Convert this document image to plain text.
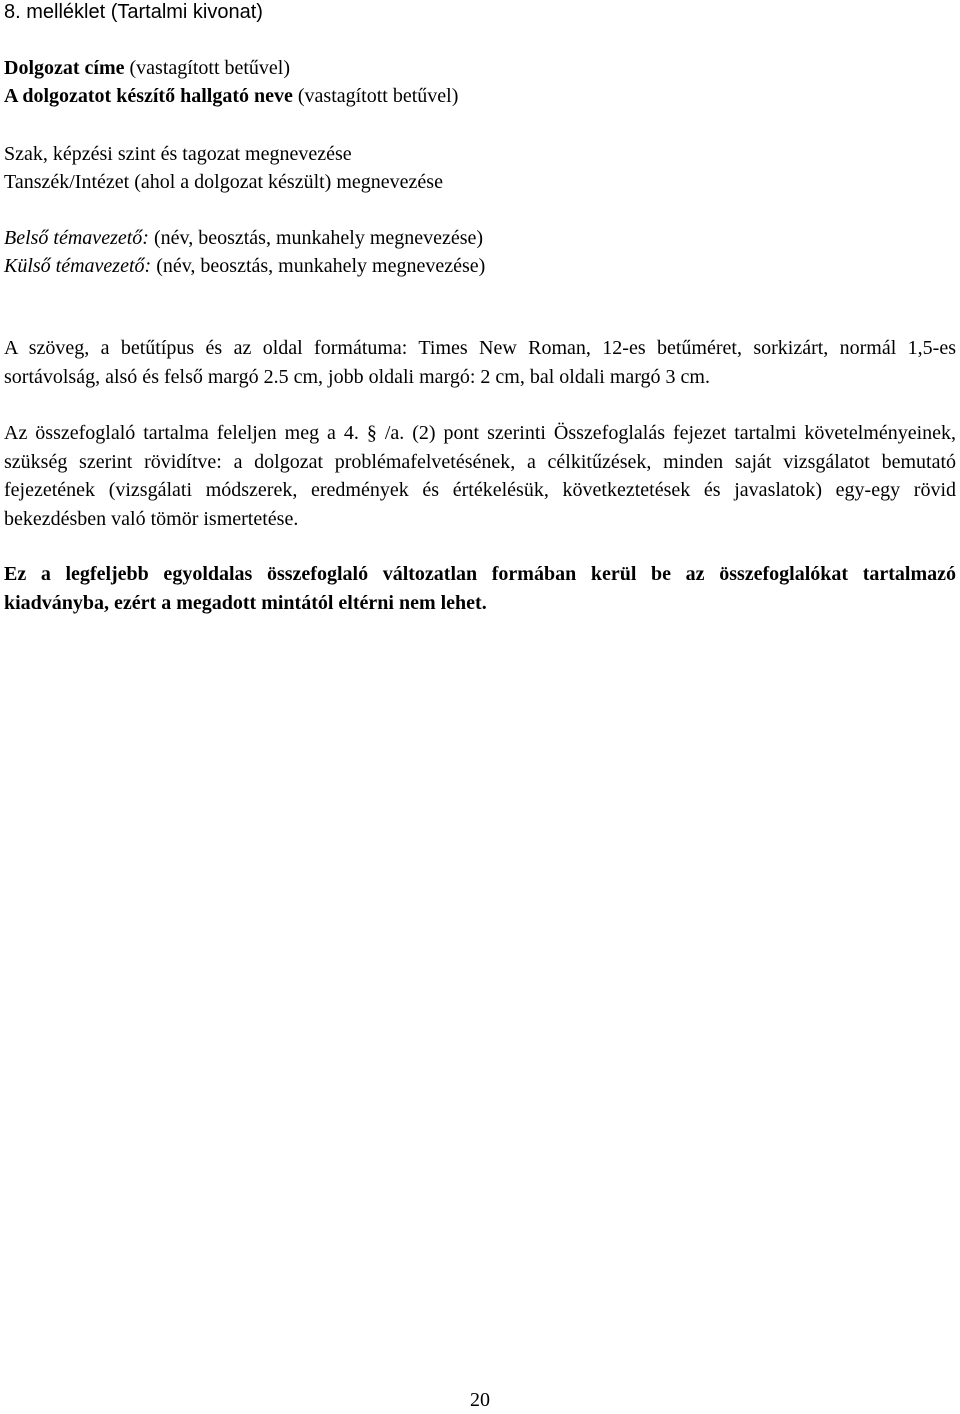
8. melléklet (Tartalmi kivonat)
Dolgozat címe (vastagított betűvel)
A dolgozatot készítő hallgató neve (vastagított betűvel)
Szak, képzési szint és tagozat megnevezése
Tanszék/Intézet (ahol a dolgozat készült) megnevezése
Belső témavezető: (név, beosztás, munkahely megnevezése)
Külső témavezető: (név, beosztás, munkahely megnevezése)
A szöveg, a betűtípus és az oldal formátuma: Times New Roman, 12-es betűméret, sorkizárt, normál 1,5-es sortávolság, alsó és felső margó 2.5 cm, jobb oldali margó: 2 cm, bal oldali margó 3 cm.
Az összefoglaló tartalma feleljen meg a 4. § /a. (2) pont szerinti Összefoglalás fejezet tartalmi követelményeinek, szükség szerint rövidítve: a dolgozat problémafelvetésének, a célkitűzések, minden saját vizsgálatot bemutató fejezetének (vizsgálati módszerek, eredmények és értékelésük, következtetések és javaslatok) egy-egy rövid bekezdésben való tömör ismertetése.
Ez a legfeljebb egyoldalas összefoglaló változatlan formában kerül be az összefoglalókat tartalmazó kiadványba, ezért a megadott mintától eltérni nem lehet.
20
